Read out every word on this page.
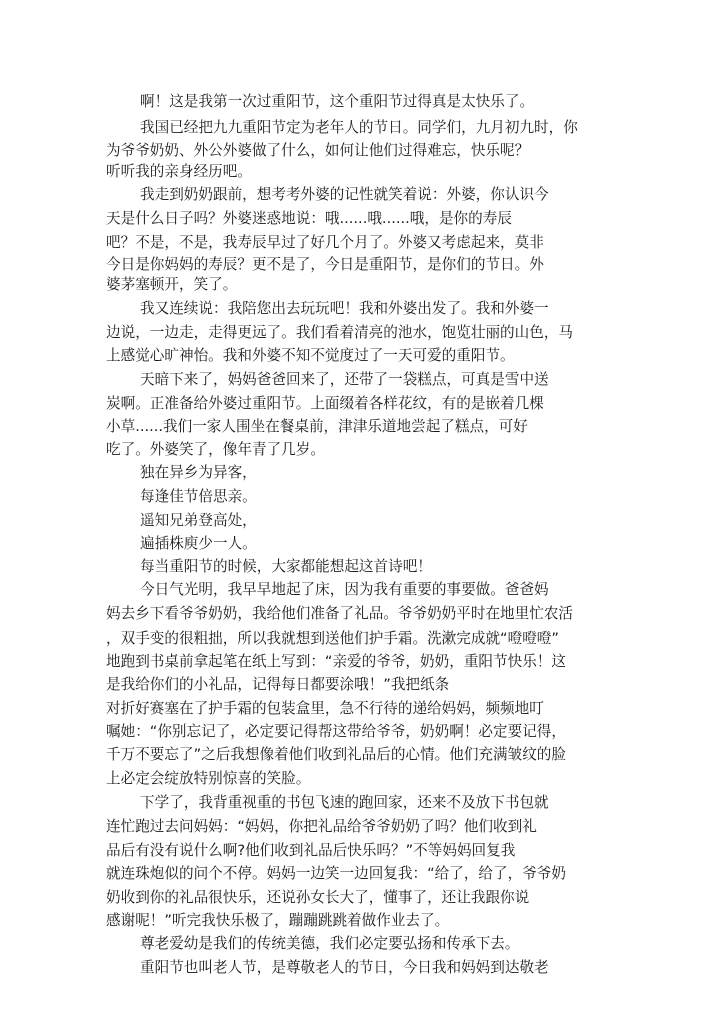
啊！这是我第一次过重阳节，这个重阳节过得真是太快乐了。
我国已经把九九重阳节定为老年人的节日。同学们，九月初九时，你
为爷爷奶奶、外公外婆做了什么，如何让他们过得难忘，快乐呢？
听听我的亲身经历吧。
我走到奶奶跟前，想考考外婆的记性就笑着说：外婆，你认识今
天是什么日子吗？外婆迷惑地说：哦......哦......哦，是你的寿辰
吧？不是，不是，我寿辰早过了好几个月了。外婆又考虑起来，莫非
今日是你妈妈的寿辰？更不是了，今日是重阳节，是你们的节日。外
婆茅塞顿开，笑了。
我又连续说：我陪您出去玩玩吧！我和外婆出发了。我和外婆一
边说，一边走，走得更远了。我们看着清亮的池水，饱览壮丽的山色，马
上感觉心旷神怡。我和外婆不知不觉度过了一天可爱的重阳节。
天暗下来了，妈妈爸爸回来了，还带了一袋糕点，可真是雪中送
炭啊。正准备给外婆过重阳节。上面缀着各样花纹，有的是嵌着几棵
小草......我们一家人围坐在餐桌前，津津乐道地尝起了糕点，可好
吃了。外婆笑了，像年青了几岁。
独在异乡为异客，
每逢佳节倍思亲。
遥知兄弟登高处，
遍插株庾少一人。
每当重阳节的时候，大家都能想起这首诗吧！
今日气光明，我早早地起了床，因为我有重要的事要做。爸爸妈
妈去乡下看爷爷奶奶，我给他们准备了礼品。爷爷奶奶平时在地里忙农活
，双手变的很粗拙，所以我就想到送他们护手霜。洗漱完成就“噔噔噔”
地跑到书桌前拿起笔在纸上写到：“亲爱的爷爷，奶奶，重阳节快乐！这
是我给你们的小礼品，记得每日都要涂哦！”我把纸条
对折好赛塞在了护手霜的包装盒里，急不行待的递给妈妈，频频地叮
嘱她：“你别忘记了，必定要记得帮这带给爷爷，奶奶啊！必定要记得，
千万不要忘了”之后我想像着他们收到礼品后的心情。他们充满皱纹的脸
上必定会绽放特别惊喜的笑脸。
下学了，我背重视重的书包飞速的跑回家，还来不及放下书包就
连忙跑过去问妈妈：“妈妈，你把礼品给爷爷奶奶了吗？他们收到礼
品后有没有说什么啊?他们收到礼品后快乐吗？”不等妈妈回复我
就连珠炮似的问个不停。妈妈一边笑一边回复我：“给了，给了，爷爷奶
奶收到你的礼品很快乐，还说孙女长大了，懂事了，还让我跟你说
感谢呢！”听完我快乐极了，蹦蹦跳跳着做作业去了。
尊老爱幼是我们的传统美德，我们必定要弘扬和传承下去。
重阳节也叫老人节，是尊敬老人的节日，今日我和妈妈到达敬老
